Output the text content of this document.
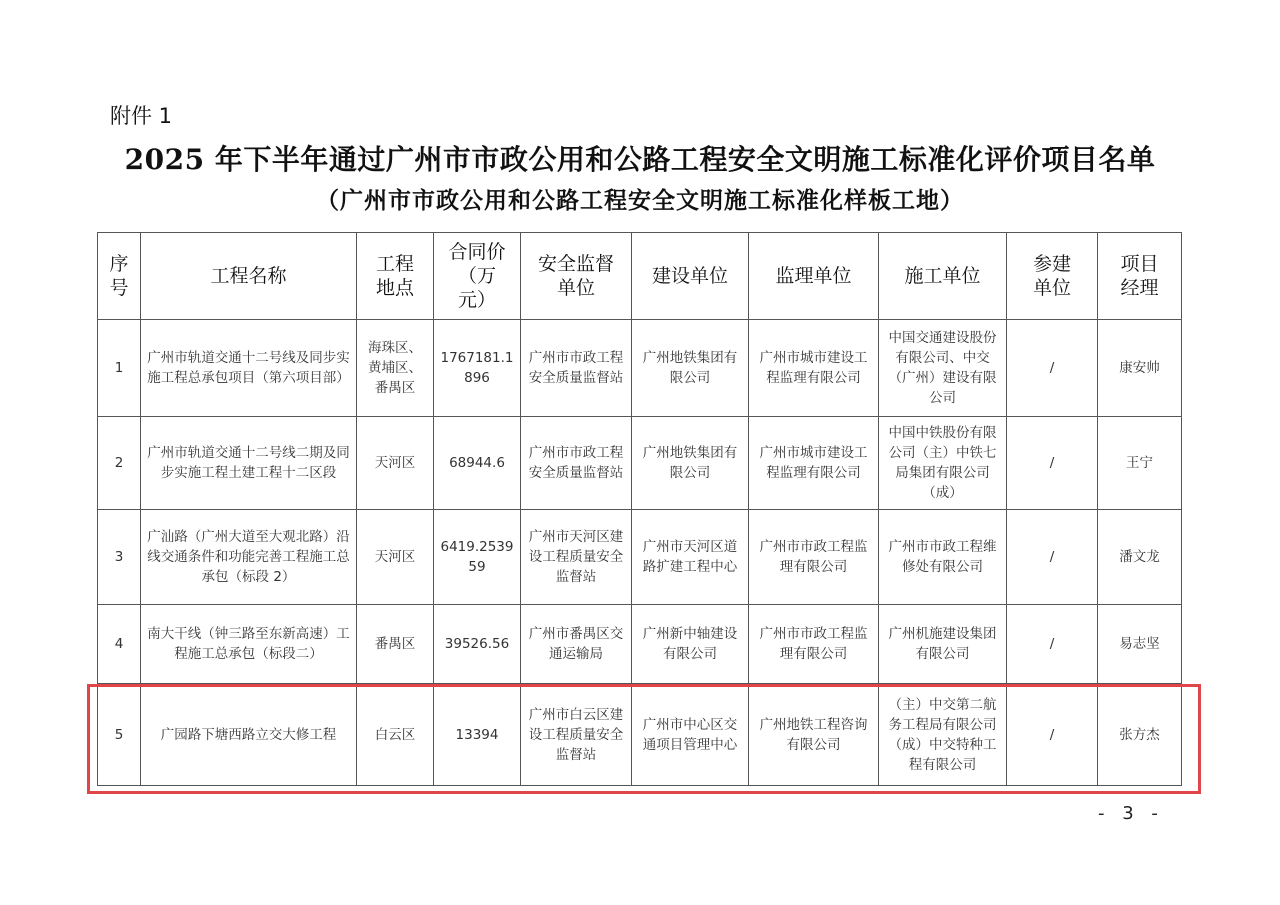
附件 1
2025 年下半年通过广州市市政公用和公路工程安全文明施工标准化评价项目名单
（广州市市政公用和公路工程安全文明施工标准化样板工地）
序号	工程名称	工程地点	合同价（万元）	安全监督单位	建设单位	监理单位	施工单位	参建单位	项目经理
1	广州市轨道交通十二号线及同步实施工程总承包项目（第六项目部）	海珠区、黄埔区、番禺区	1767181.1896	广州市市政工程安全质量监督站	广州地铁集团有限公司	广州市城市建设工程监理有限公司	中国交通建设股份有限公司、中交（广州）建设有限公司	/	康安帅
2	广州市轨道交通十二号线二期及同步实施工程土建工程十二区段	天河区	68944.6	广州市市政工程安全质量监督站	广州地铁集团有限公司	广州市城市建设工程监理有限公司	中国中铁股份有限公司（主）中铁七局集团有限公司（成）	/	王宁
3	广汕路（广州大道至大观北路）沿线交通条件和功能完善工程施工总承包（标段 2）	天河区	6419.253959	广州市天河区建设工程质量安全监督站	广州市天河区道路扩建工程中心	广州市市政工程监理有限公司	广州市市政工程维修处有限公司	/	潘文龙
4	南大干线（钟三路至东新高速）工程施工总承包（标段二）	番禺区	39526.56	广州市番禺区交通运输局	广州新中轴建设有限公司	广州市市政工程监理有限公司	广州机施建设集团有限公司	/	易志坚
5	广园路下塘西路立交大修工程	白云区	13394	广州市白云区建设工程质量安全监督站	广州市中心区交通项目管理中心	广州地铁工程咨询有限公司	（主）中交第二航务工程局有限公司（成）中交特种工程有限公司	/	张方杰
- 3 -
